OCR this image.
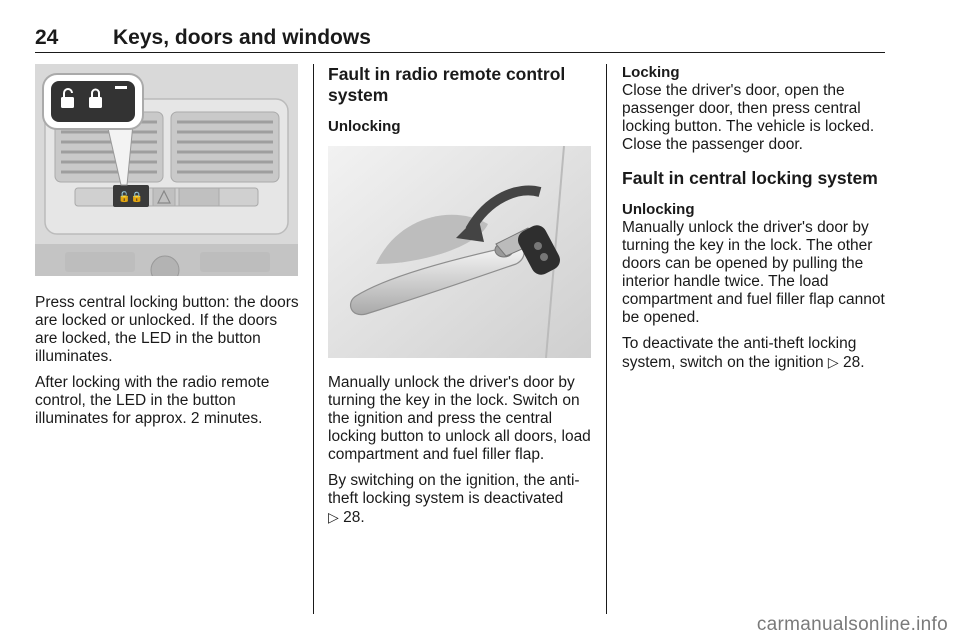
24	Keys, doors and windows
🔓🔒

Press central locking button: the doors are locked or unlocked. If the doors are locked, the LED in the button illuminates.

After locking with the radio remote control, the LED in the button illuminates for approx. 2 minutes.

Fault in radio remote control system
Unlocking

Manually unlock the driver's door by turning the key in the lock. Switch on the ignition and press the central locking button to unlock all doors, load compartment and fuel filler flap.

By switching on the ignition, the anti-theft locking system is deactivated
▷ 28.

Locking

Close the driver's door, open the passenger door, then press central locking button. The vehicle is locked. Close the passenger door.

Fault in central locking system
Unlocking

Manually unlock the driver's door by turning the key in the lock. The other doors can be opened by pulling the interior handle twice. The load compartment and fuel filler flap cannot be opened.

To deactivate the anti-theft locking system, switch on the ignition ▷ 28.

carmanualsonline.info
